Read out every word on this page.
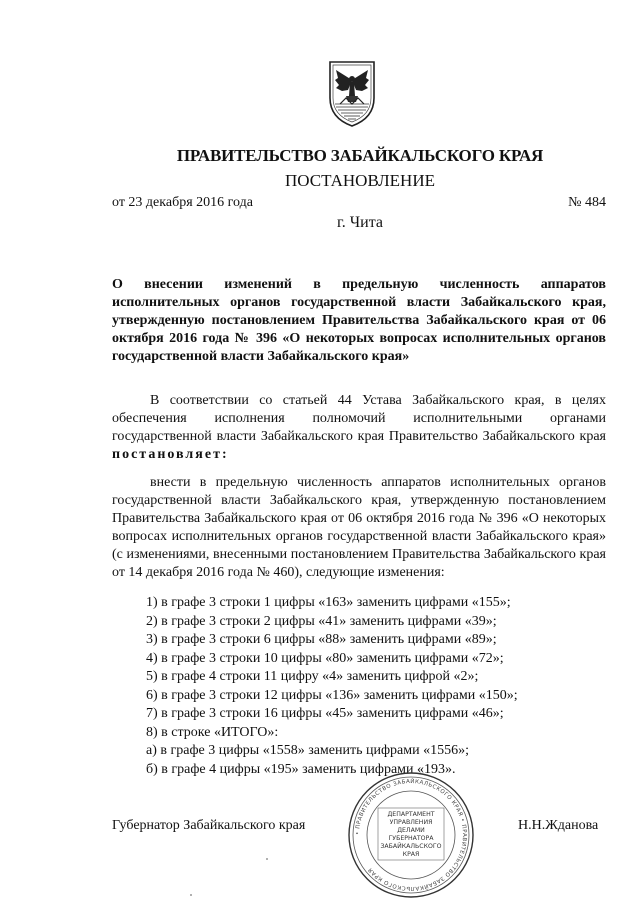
ПРАВИТЕЛЬСТВО ЗАБАЙКАЛЬСКОГО КРАЯ
ПОСТАНОВЛЕНИЕ
от 23 декабря 2016 года	№ 484
г. Чита

О внесении изменений в предельную численность аппаратов исполнительных органов государственной власти Забайкальского края, утвержденную постановлением Правительства Забайкальского края от 06 октября 2016 года № 396 «О некоторых вопросах исполнительных органов государственной власти Забайкальского края»

В соответствии со статьей 44 Устава Забайкальского края, в целях обеспечения исполнения полномочий исполнительными органами государственной власти Забайкальского края Правительство Забайкальского края постановляет:

внести в предельную численность аппаратов исполнительных органов государственной власти Забайкальского края, утвержденную постановлением Правительства Забайкальского края от 06 октября 2016 года № 396 «О некоторых вопросах исполнительных органов государственной власти Забайкальского края» (с изменениями, внесенными постановлением Правительства Забайкальского края от 14 декабря 2016 года № 460), следующие изменения:

1) в графе 3 строки 1 цифры «163» заменить цифрами «155»;
2) в графе 3 строки 2 цифры «41» заменить цифрами «39»;
3) в графе 3 строки 6 цифры «88» заменить цифрами «89»;
4) в графе 3 строки 10 цифры «80» заменить цифрами «72»;
5) в графе 4 строки 11 цифру «4» заменить цифрой «2»;
6) в графе 3 строки 12 цифры «136» заменить цифрами «150»;
7) в графе 3 строки 16 цифры «45» заменить цифрами «46»;
8) в строке «ИТОГО»:
а) в графе 3 цифры «1558» заменить цифрами «1556»;
б) в графе 4 цифры «195» заменить цифрами «193».
• ПРАВИТЕЛЬСТВО ЗАБАЙКАЛЬСКОГО КРАЯ • ПРАВИТЕЛЬСТВО ЗАБАЙКАЛЬСКОГО КРАЯ
ДЕПАРТАМЕНТ
УПРАВЛЕНИЯ
ДЕЛАМИ
ГУБЕРНАТОРА
ЗАБАЙКАЛЬСКОГО
КРАЯ
Губернатор Забайкальского края	Н.Н.Жданова
